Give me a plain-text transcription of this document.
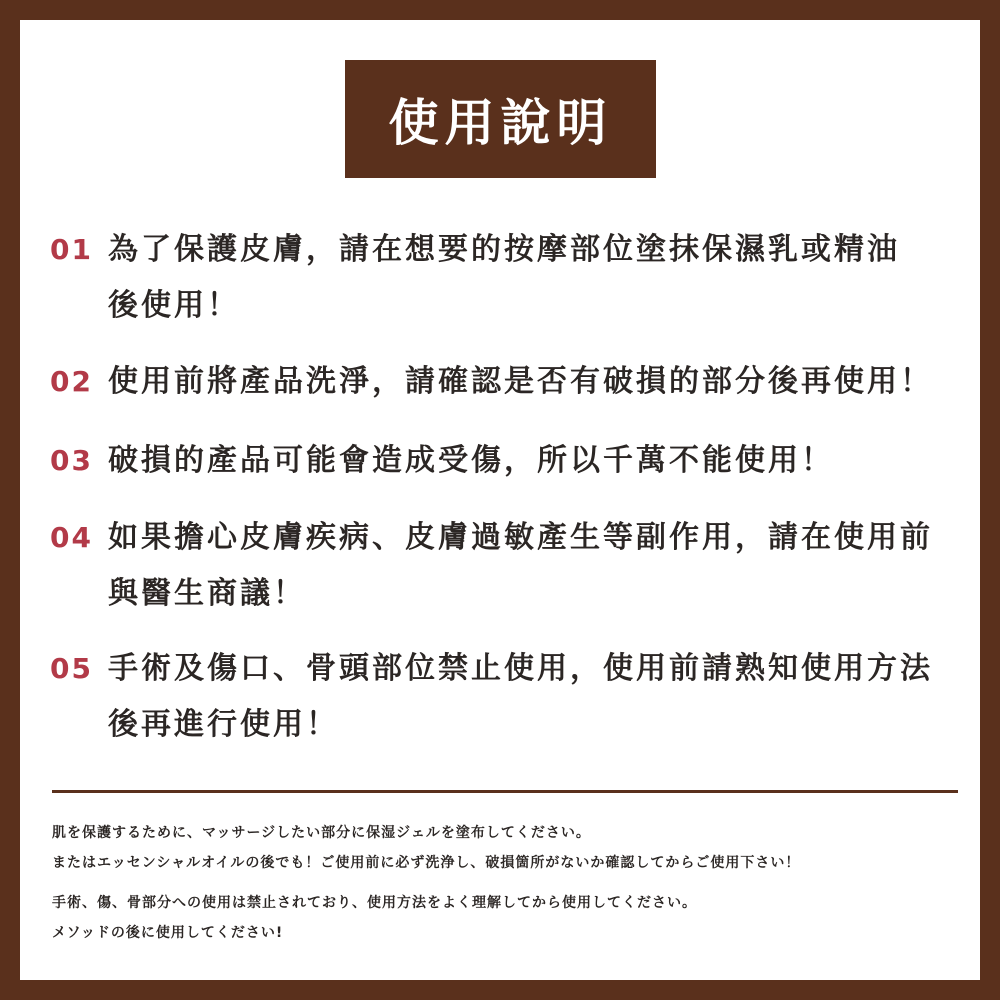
使用說明
01 為了保護皮膚，請在想要的按摩部位塗抹保濕乳或精油
後使用！
02 使用前將產品洗淨，請確認是否有破損的部分後再使用！
03 破損的產品可能會造成受傷，所以千萬不能使用！
04 如果擔心皮膚疾病、皮膚過敏產生等副作用，請在使用前
與醫生商議！
05 手術及傷口、骨頭部位禁止使用，使用前請熟知使用方法
後再進行使用！
肌を保護するために、マッサージしたい部分に保湿ジェルを塗布してください。
またはエッセンシャルオイルの後でも！ご使用前に必ず洗浄し、破損箇所がないか確認してからご使用下さい！
手術、傷、骨部分への使用は禁止されており、使用方法をよく理解してから使用してください。
メソッドの後に使用してください!
